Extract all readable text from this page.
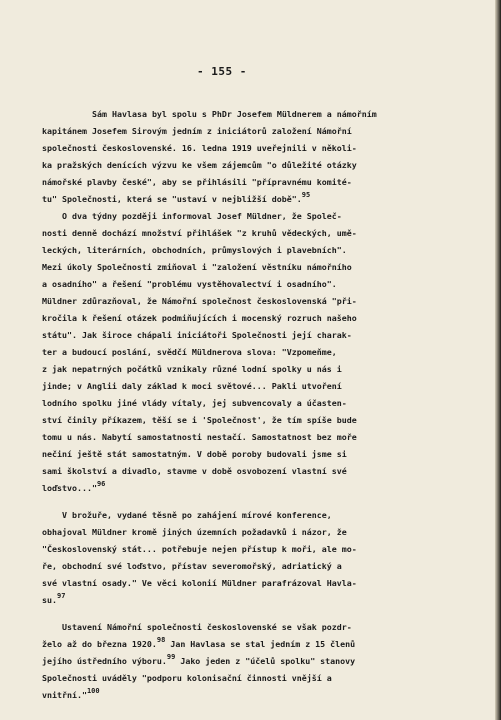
- 155 -
Sám Havlasa byl spolu s PhDr Josefem Müldnerem a námořním
kapitánem Josefem Sirovým jedním z iniciátorů založení Námořní
společnosti československé. 16. ledna 1919 uveřejnili v několi-
ka pražských denících výzvu ke všem zájemcům "o důležité otázky
námořské plavby české", aby se přihlásili "přípravnému komité-
tu" Společnosti, která se "ustaví v nejbližší době".$^{95}$
O dva týdny později informoval Josef Müldner, že Společ-
nosti denně dochází množství přihlášek "z kruhů vědeckých, umě-
leckých, literárních, obchodních, průmyslových i plavebních".
Mezi úkoly Společnosti zmiňoval i "založení věstníku námořního
a osadního" a řešení "problému vystěhovalectví i osadního".
Müldner zdůrazňoval, že Námořní společnost československá "při-
kročila k řešení otázek podmiňujících i mocenský rozruch našeho
státu". Jak široce chápali iniciátoři Společnosti její charak-
ter a budoucí poslání, svědčí Müldnerova slova: "Vzpomeňme,
z jak nepatrných počátků vznikaly různé lodní spolky u nás i
jinde; v Anglii daly základ k moci světové... Pakli utvoření
lodního spolku jiné vlády vítaly, jej subvencovaly a účasten-
ství činily příkazem, těší se i 'Společnost', že tím spíše bude
tomu u nás. Nabytí samostatnosti nestačí. Samostatnost bez moře
nečiní ještě stát samostatným. V době poroby budovali jsme si
sami školství a divadlo, stavme v době osvobození vlastní své
loďstvo..."$^{96}$
V brožuře, vydané těsně po zahájení mírové konference,
obhajoval Müldner kromě jiných územních požadavků i názor, že
"Československý stát... potřebuje nejen přístup k moři, ale mo-
ře, obchodní své loďstvo, přístav severomořský, adriatický a
své vlastní osady." Ve věci kolonií Müldner parafrázoval Havla-
su.$^{97}$
Ustavení Námořní společnosti československé se však pozdr-
želo až do března 1920.98 Jan Havlasa se stal jedním z 15 členů
jejího ústředního výboru.$^{99}$ Jako jeden z "účelů spolku" stanovy
Společnosti uváděly "podporu kolonisační činnosti vnější a
vnitřní."$^{100}$
